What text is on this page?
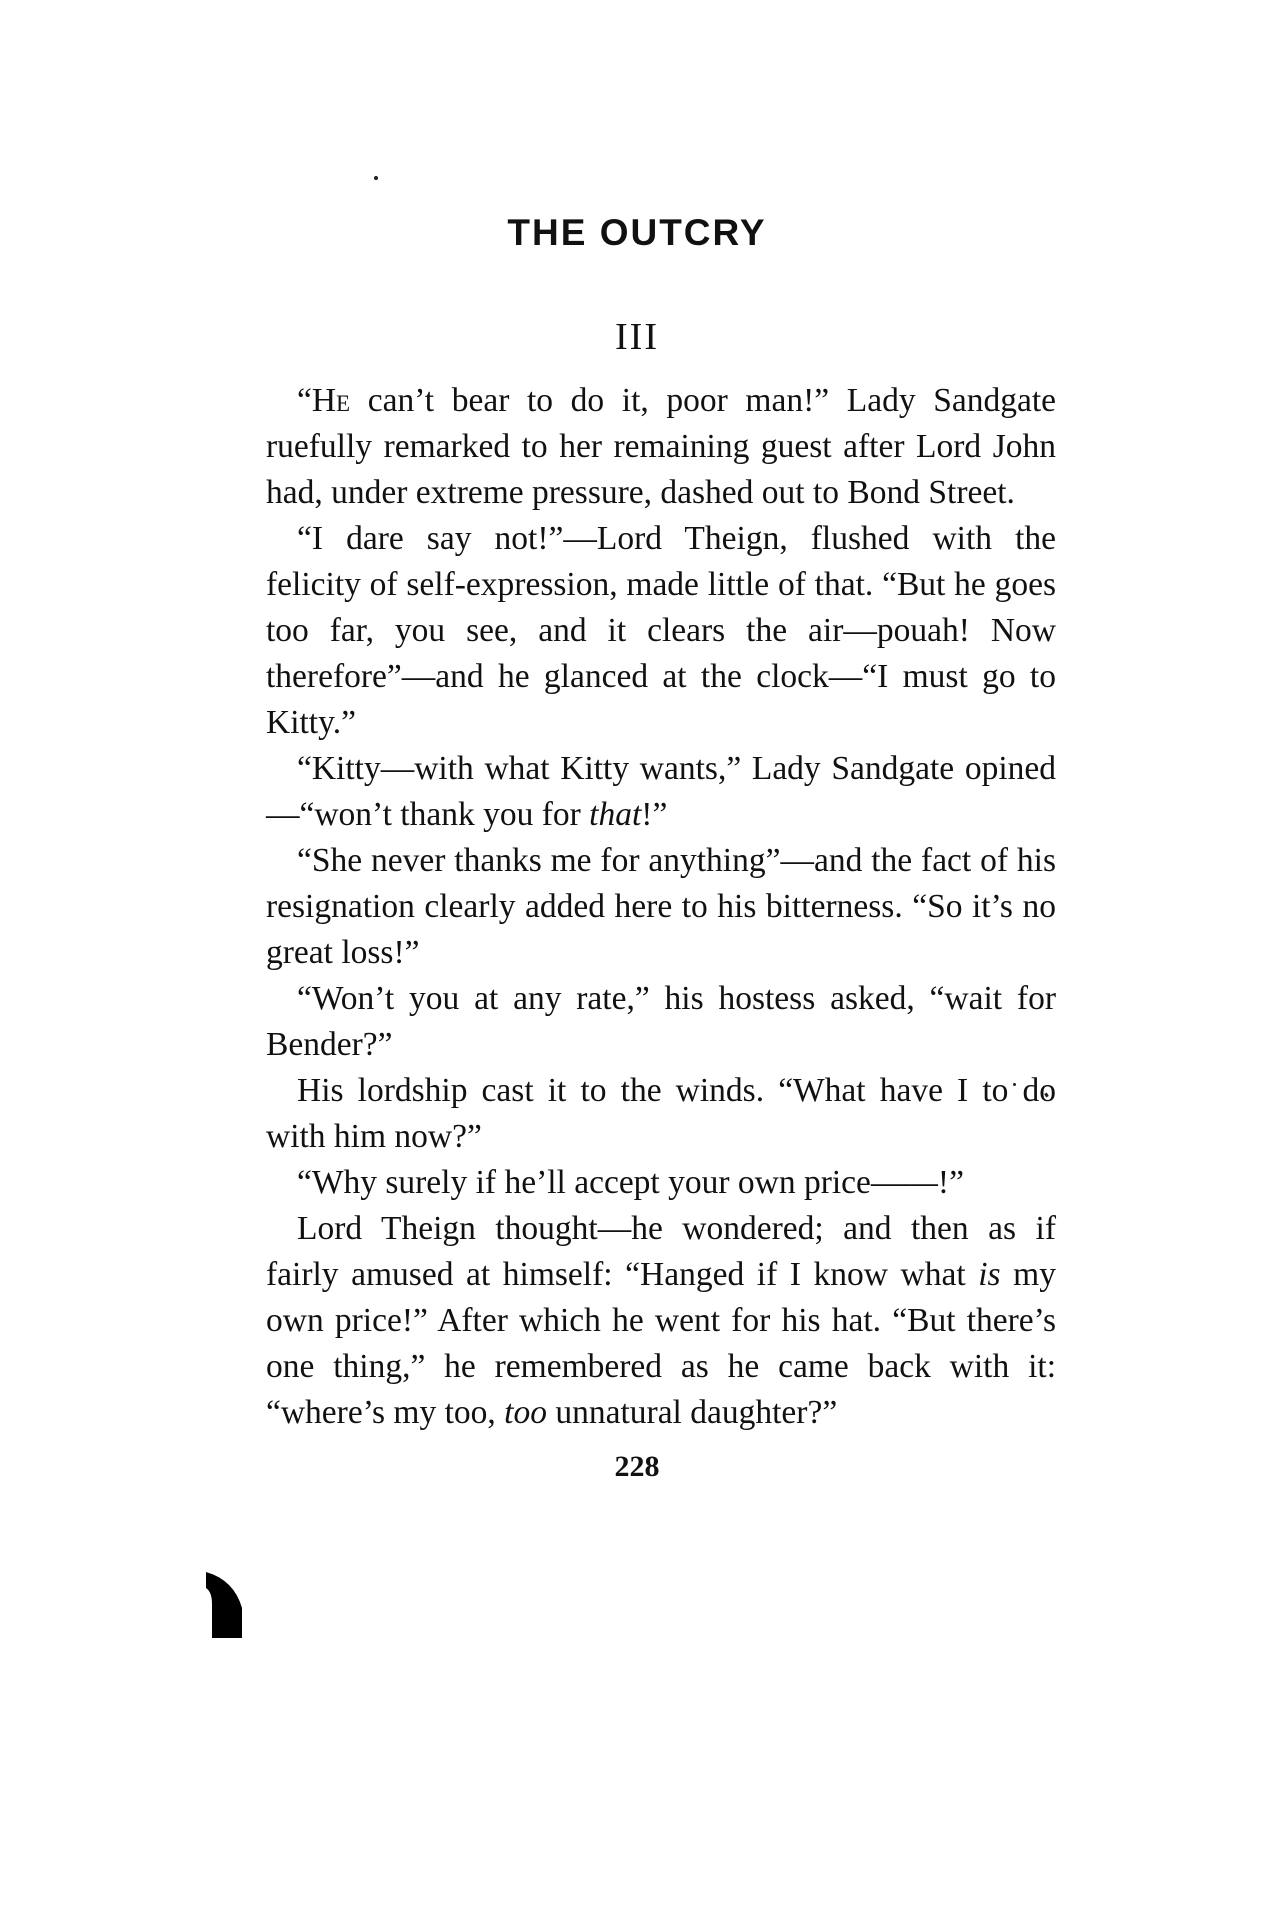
THE OUTCRY
III

“He can’t bear to do it, poor man!” Lady Sandgate ruefully remarked to her remaining guest after Lord John had, under extreme pressure, dashed out to Bond Street.

“I dare say not!”—Lord Theign, flushed with the felicity of self-expression, made little of that. “But he goes too far, you see, and it clears the air—pouah! Now therefore”—and he glanced at the clock—“I must go to Kitty.”

“Kitty—with what Kitty wants,” Lady Sandgate opined—“won’t thank you for that!”

“She never thanks me for anything”—and the fact of his resignation clearly added here to his bitterness. “So it’s no great loss!”

“Won’t you at any rate,” his hostess asked, “wait for Bender?”

His lordship cast it to the winds. “What have I to do with him now?”

“Why surely if he’ll accept your own price——!”

Lord Theign thought—he wondered; and then as if fairly amused at himself: “Hanged if I know what is my own price!” After which he went for his hat. “But there’s one thing,” he remembered as he came back with it: “where’s my too, too unnatural daughter?”

228
